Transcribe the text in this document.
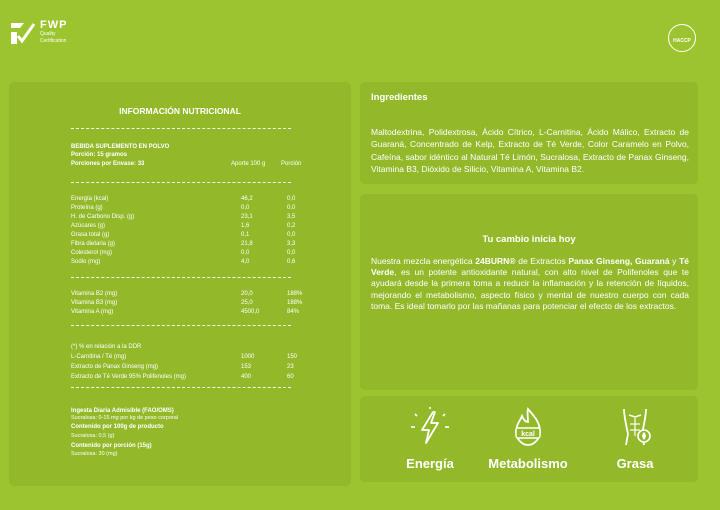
FWP
Quality
Certification	HACCP
INFORMACIÓN NUTRICIONAL
BEBIDA SUPLEMENTO EN POLVO
Porción: 15 gramos
Porciones por Envase: 33	Aporte 100 g	Porción
Energía (kcal)	46,2	0,0
Proteína (g)	0,0	0,0
H. de Carbono Disp. (g)	23,1	3,5
Azúcares (g)	1,6	0,2
Grasa total (g)	0,1	0,0
Fibra dietaria (g)	21,8	3,3
Colesterol (mg)	0,0	0,0
Sodio (mg)	4,0	0,6
Vitamina B2 (mg)	20,0	188%
Vitamina B3 (mg)	25,0	188%
Vitamina A (mg)	4500,0	84%
(*) % en relación a la DDR
L-Carnitina / Té (mg)	1000	150
Extracto de Panax Ginseng (mg)	153	23
Extracto de Té Verde 95% Polifenoles (mg)	400	60
Ingesta Diaria Admisible (FAO/OMS)
Sucralosa: 0-15 mg por kg de peso corporal
Contenido por 100g de producto
Sucralosa: 0,5 (g)
Contenido por porción (15g)
Sucralosa: 30 (mg)
Ingredientes
Maltodextrina, Polidextrosa, Ácido Cítrico, L-Carnitina, Ácido Málico, Extracto de Guaraná, Concentrado de Kelp, Extracto de Té Verde, Color Caramelo en Polvo, Cafeína, sabor idéntico al Natural Té Limón, Sucralosa, Extracto de Panax Ginseng, Vitamina B3, Dióxido de Silicio, Vitamina A, Vitamina B2.
Tu cambio inicia hoy
Nuestra mezcla energética 24BURN® de Extractos Panax Ginseng, Guaraná y Té Verde, es un potente antioxidante natural, con alto nivel de Polifenoles que te ayudará desde la primera toma a reducir la inflamación y la retención de líquidos, mejorando el metabolismo, aspecto físico y mental de nuestro cuerpo con cada toma. Es ideal tomarlo por las mañanas para potenciar el efecto de los extractos.
Energía
kcal
Metabolismo	Grasa
